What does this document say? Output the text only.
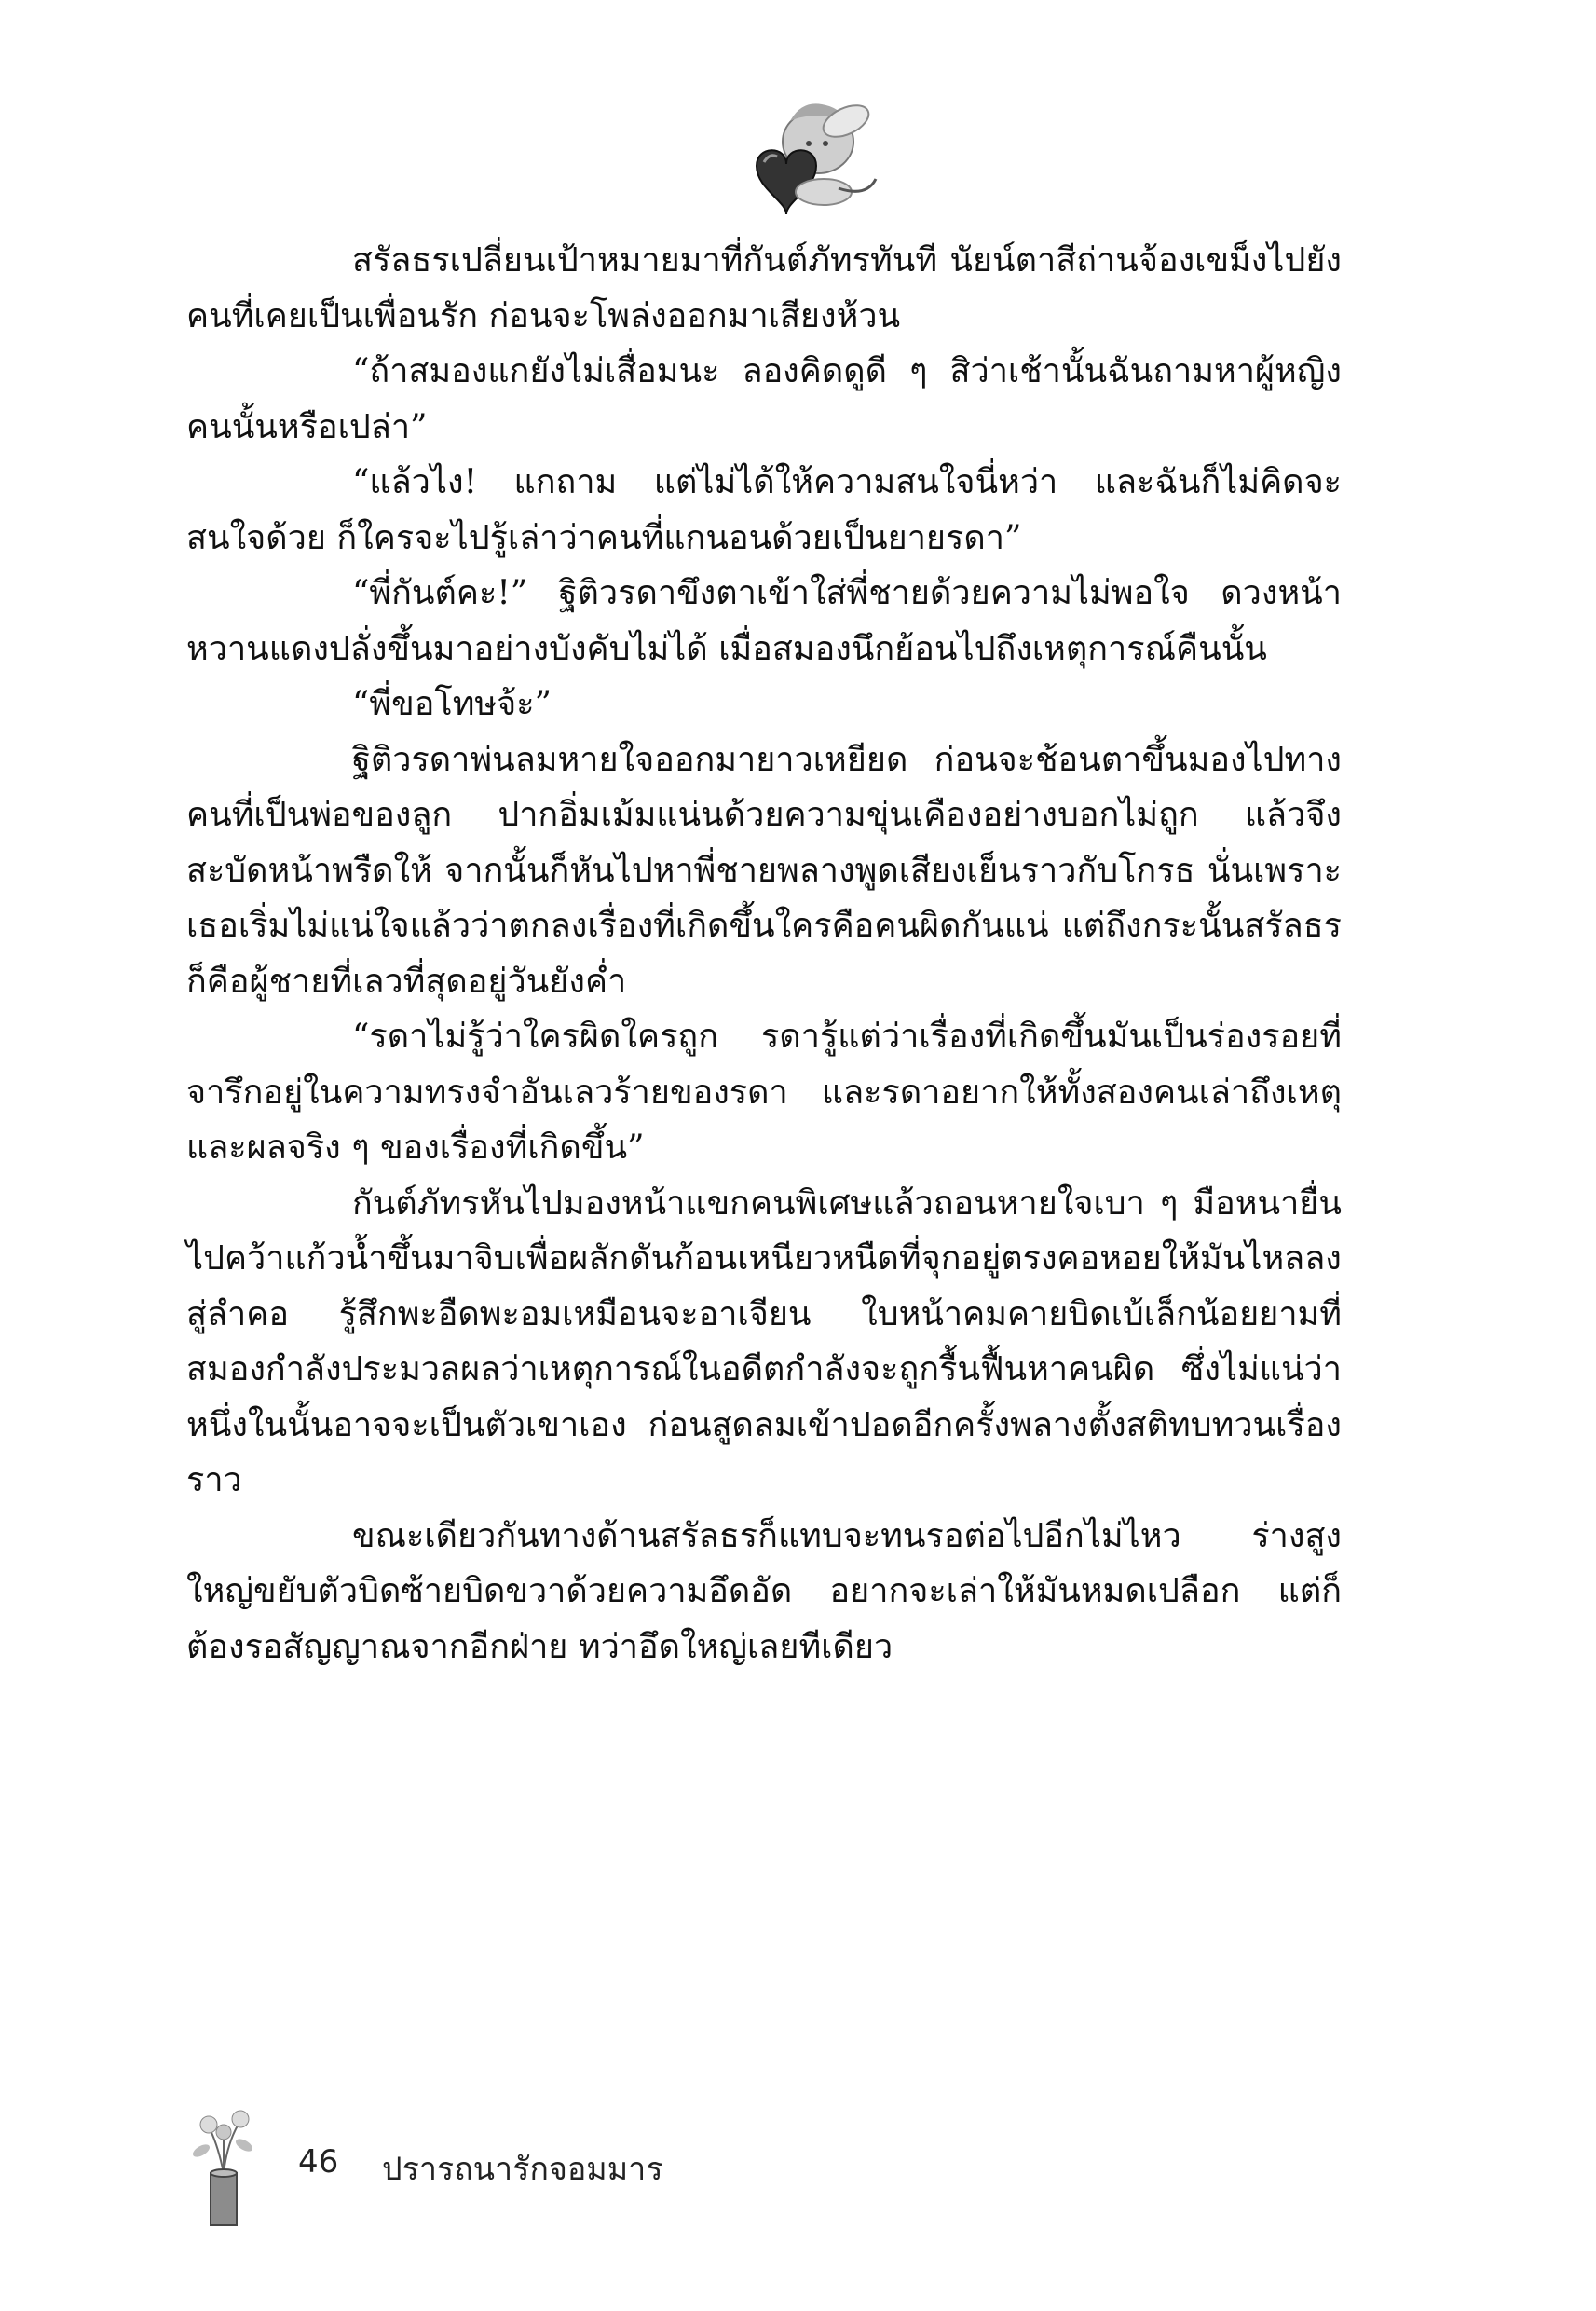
สรัลธรเปลี่ยนเป้าหมายมาที่กันต์ภัทรทันที นัยน์ตาสีถ่านจ้องเขม็งไปยังคนที่เคยเป็นเพื่อนรัก ก่อนจะโพล่งออกมาเสียงห้วน

“ถ้าสมองแกยังไม่เสื่อมนะ ลองคิดดูดี ๆ สิว่าเช้านั้นฉันถามหาผู้หญิงคนนั้นหรือเปล่า”

“แล้วไง! แกถาม แต่ไม่ได้ให้ความสนใจนี่หว่า และฉันก็ไม่คิดจะสนใจด้วย ก็ใครจะไปรู้เล่าว่าคนที่แกนอนด้วยเป็นยายรดา”

“พี่กันต์คะ!” ฐิติวรดาขึงตาเข้าใส่พี่ชายด้วยความไม่พอใจ ดวงหน้าหวานแดงปลั่งขึ้นมาอย่างบังคับไม่ได้ เมื่อสมองนึกย้อนไปถึงเหตุการณ์คืนนั้น

“พี่ขอโทษจ้ะ”

ฐิติวรดาพ่นลมหายใจออกมายาวเหยียด ก่อนจะช้อนตาขึ้นมองไปทางคนที่เป็นพ่อของลูก ปากอิ่มเม้มแน่นด้วยความขุ่นเคืองอย่างบอกไม่ถูก แล้วจึงสะบัดหน้าพรืดให้ จากนั้นก็หันไปหาพี่ชายพลางพูดเสียงเย็นราวกับโกรธ นั่นเพราะเธอเริ่มไม่แน่ใจแล้วว่าตกลงเรื่องที่เกิดขึ้นใครคือคนผิดกันแน่ แต่ถึงกระนั้นสรัลธรก็คือผู้ชายที่เลวที่สุดอยู่วันยังค่ำ

“รดาไม่รู้ว่าใครผิดใครถูก รดารู้แต่ว่าเรื่องที่เกิดขึ้นมันเป็นร่องรอยที่จารึกอยู่ในความทรงจำอันเลวร้ายของรดา และรดาอยากให้ทั้งสองคนเล่าถึงเหตุและผลจริง ๆ ของเรื่องที่เกิดขึ้น”

กันต์ภัทรหันไปมองหน้าแขกคนพิเศษแล้วถอนหายใจเบา ๆ มือหนายื่นไปคว้าแก้วน้ำขึ้นมาจิบเพื่อผลักดันก้อนเหนียวหนืดที่จุกอยู่ตรงคอหอยให้มันไหลลงสู่ลำคอ รู้สึกพะอืดพะอมเหมือนจะอาเจียน ใบหน้าคมคายบิดเบ้เล็กน้อยยามที่สมองกำลังประมวลผลว่าเหตุการณ์ในอดีตกำลังจะถูกรื้นฟื้นหาคนผิด ซึ่งไม่แน่ว่าหนึ่งในนั้นอาจจะเป็นตัวเขาเอง ก่อนสูดลมเข้าปอดอีกครั้งพลางตั้งสติทบทวนเรื่องราว

ขณะเดียวกันทางด้านสรัลธรก็แทบจะทนรอต่อไปอีกไม่ไหว ร่างสูงใหญ่ขยับตัวบิดซ้ายบิดขวาด้วยความอึดอัด อยากจะเล่าให้มันหมดเปลือก แต่ก็ต้องรอสัญญาณจากอีกฝ่าย ทว่าอึดใหญ่เลยทีเดียว

46 ปรารถนารักจอมมาร
